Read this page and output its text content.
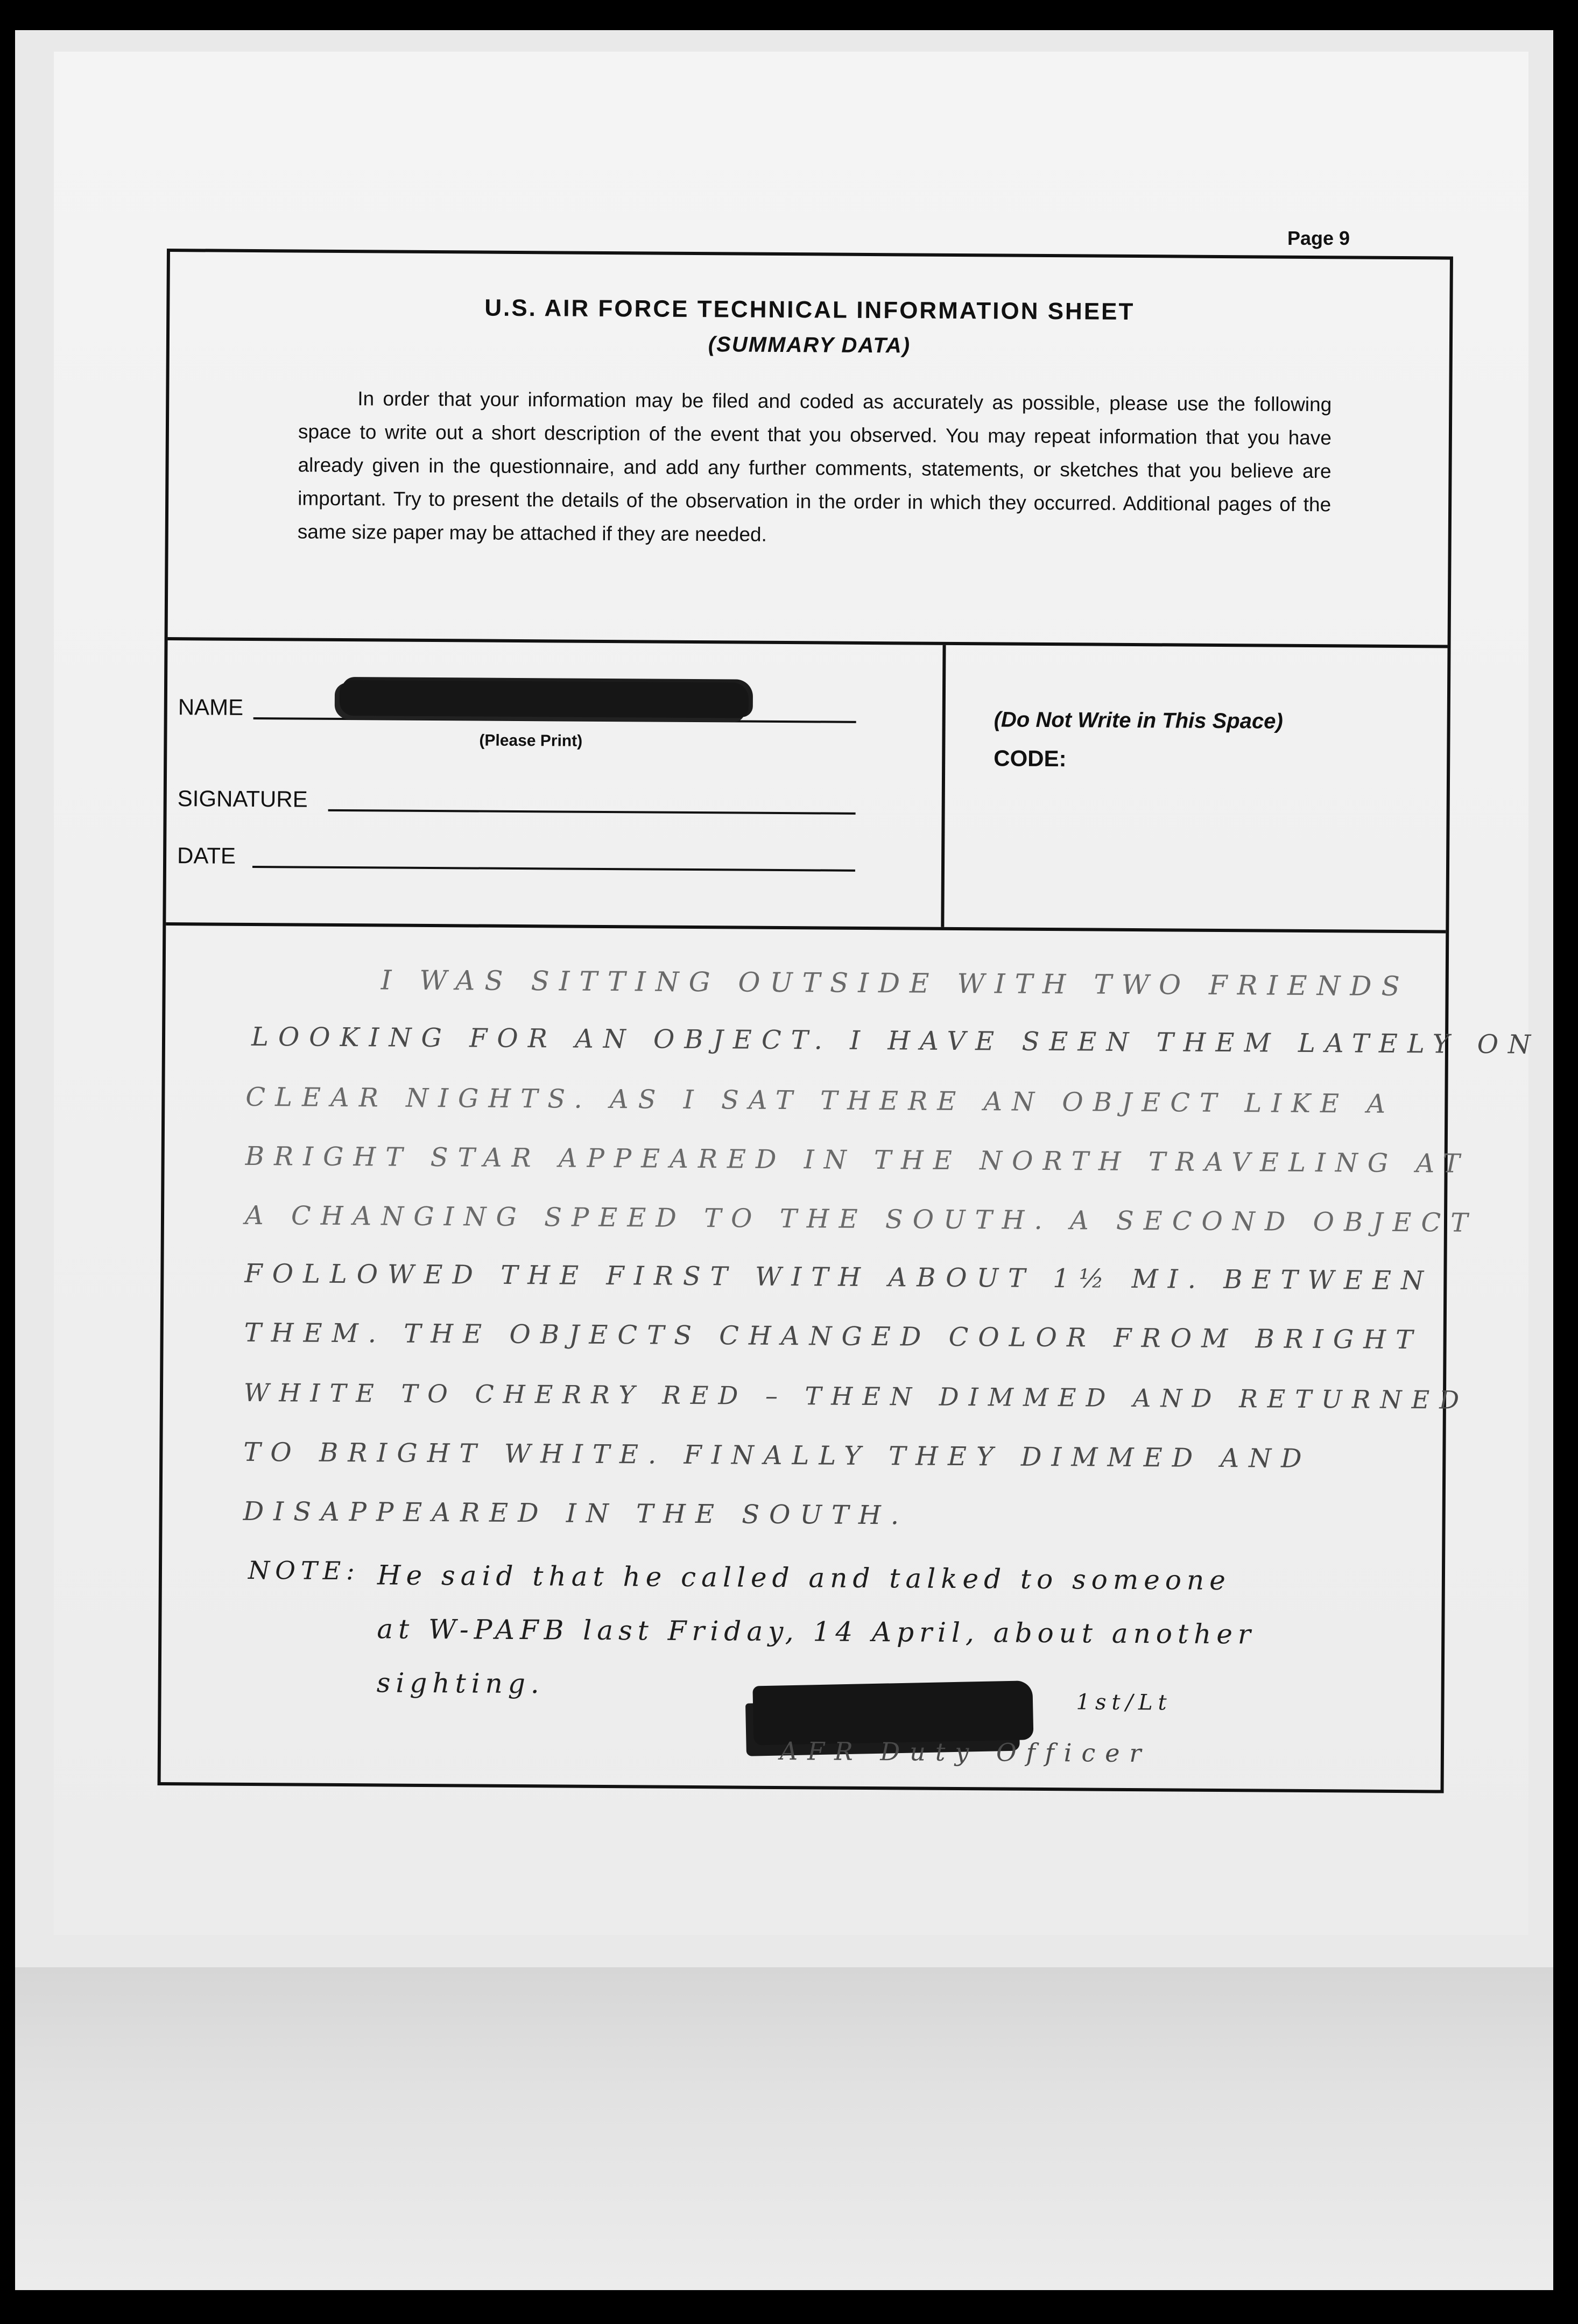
Page 9
U.S. AIR FORCE TECHNICAL INFORMATION SHEET
(SUMMARY DATA)
In order that your information may be filed and coded as accurately as possible, please use the following space to write out a short description of the event that you observed. You may repeat information that you have already given in the questionnaire, and add any further comments, statements, or sketches that you believe are important. Try to present the details of the observation in the order in which they occurred. Additional pages of the same size paper may be attached if they are needed.
NAME
(Please Print)
SIGNATURE
DATE
(Do Not Write in This Space)
CODE:
I WAS SITTING OUTSIDE WITH TWO FRIENDS
LOOKING FOR AN OBJECT. I HAVE SEEN THEM LATELY ON
CLEAR NIGHTS. AS I SAT THERE AN OBJECT LIKE A
BRIGHT STAR APPEARED IN THE NORTH TRAVELING AT
A CHANGING SPEED TO THE SOUTH. A SECOND OBJECT
FOLLOWED THE FIRST WITH ABOUT 1½ MI. BETWEEN
THEM. THE OBJECTS CHANGED COLOR FROM BRIGHT
WHITE TO CHERRY RED – THEN DIMMED AND RETURNED
TO BRIGHT WHITE. FINALLY THEY DIMMED AND
DISAPPEARED IN THE SOUTH.
NOTE: He said that he called and talked to someone
at W-PAFB last Friday, 14 April, about another
sighting.
1st/Lt
AFR Duty Officer
